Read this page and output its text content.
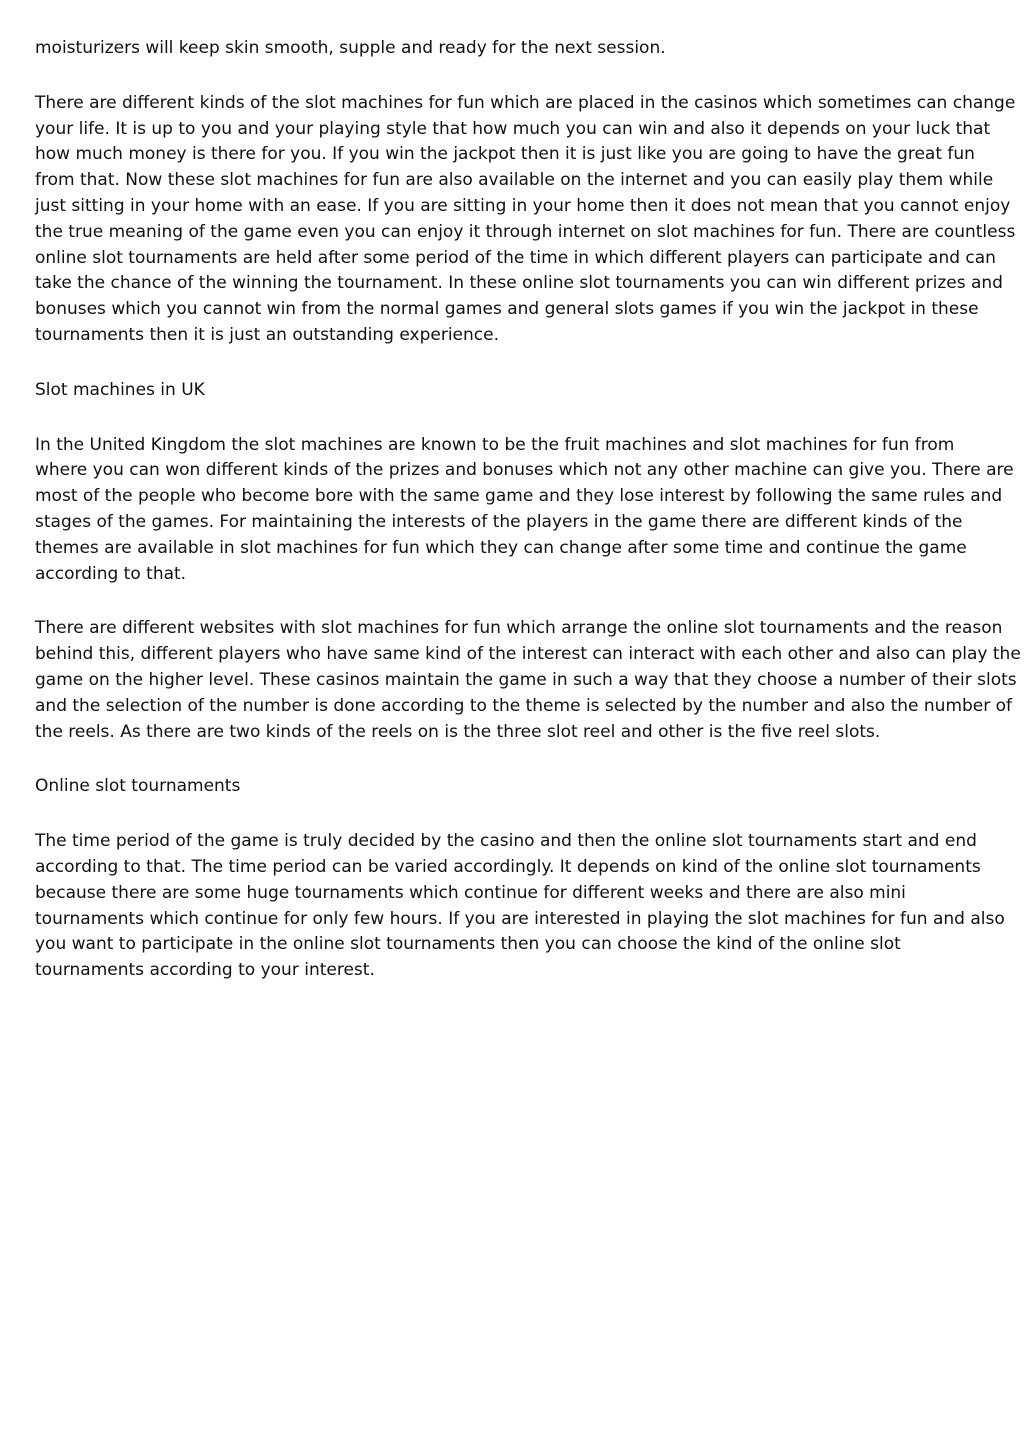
moisturizers will keep skin smooth, supple and ready for the next session.

There are different kinds of the slot machines for fun which are placed in the casinos which sometimes can change
your life. It is up to you and your playing style that how much you can win and also it depends on your luck that
how much money is there for you. If you win the jackpot then it is just like you are going to have the great fun
from that. Now these slot machines for fun are also available on the internet and you can easily play them while
just sitting in your home with an ease. If you are sitting in your home then it does not mean that you cannot enjoy
the true meaning of the game even you can enjoy it through internet on slot machines for fun. There are countless
online slot tournaments are held after some period of the time in which different players can participate and can
take the chance of the winning the tournament. In these online slot tournaments you can win different prizes and
bonuses which you cannot win from the normal games and general slots games if you win the jackpot in these
tournaments then it is just an outstanding experience.

Slot machines in UK

In the United Kingdom the slot machines are known to be the fruit machines and slot machines for fun from
where you can won different kinds of the prizes and bonuses which not any other machine can give you. There are
most of the people who become bore with the same game and they lose interest by following the same rules and
stages of the games. For maintaining the interests of the players in the game there are different kinds of the
themes are available in slot machines for fun which they can change after some time and continue the game
according to that.

There are different websites with slot machines for fun which arrange the online slot tournaments and the reason
behind this, different players who have same kind of the interest can interact with each other and also can play the
game on the higher level. These casinos maintain the game in such a way that they choose a number of their slots
and the selection of the number is done according to the theme is selected by the number and also the number of
the reels. As there are two kinds of the reels on is the three slot reel and other is the five reel slots.

Online slot tournaments

The time period of the game is truly decided by the casino and then the online slot tournaments start and end
according to that. The time period can be varied accordingly. It depends on kind of the online slot tournaments
because there are some huge tournaments which continue for different weeks and there are also mini
tournaments which continue for only few hours. If you are interested in playing the slot machines for fun and also
you want to participate in the online slot tournaments then you can choose the kind of the online slot
tournaments according to your interest.
